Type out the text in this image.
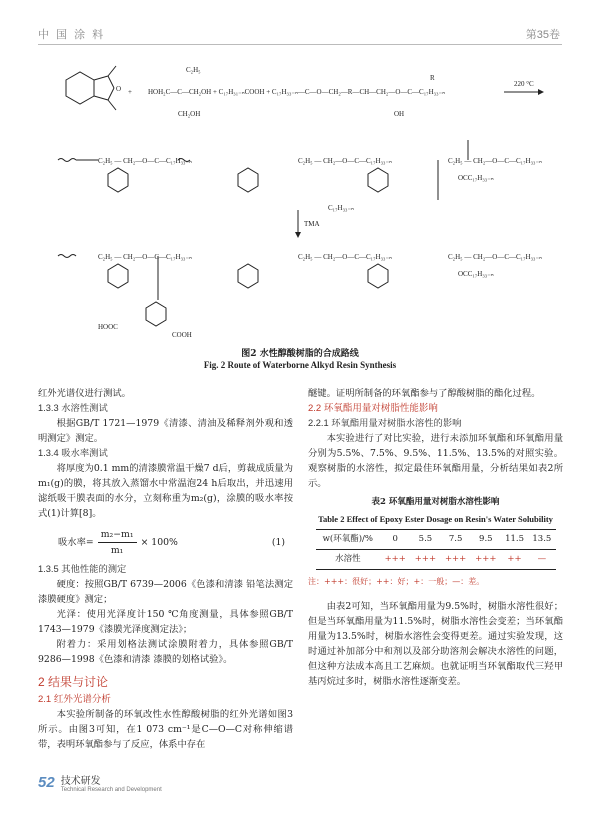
中 国 涂 料	第35卷
O + HOH₂C—C—CH₂OH + C₁₇H₃₁₋ₙCOOH + C₁₇H₃₃₋ₙ—C—O—CH₂—R—CH—CH₂—O—C—C₁₇H₃₃₋ₙ
C₂H₅
CH₂OH	OH
R
220 °C
C₂H₅ — CH₂—O—C—C₁₇H₃₃₋ₙ	C₂H₅ — CH₂—O—C—C₁₇H₃₃₋ₙ	C₂H₅ — CH₂—O—C—C₁₇H₃₃₋ₙ
OCC₁₇H₃₃₋ₙ
C₁₇H₃₃₋ₙ
TMA
C₂H₅ — CH₂—O—C—C₁₇H₃₃₋ₙ	C₂H₅ — CH₂—O—C—C₁₇H₃₃₋ₙ	C₂H₅ — CH₂—O—C—C₁₇H₃₃₋ₙ
OCC₁₇H₃₃₋ₙ
HOOC
COOH
图2 水性醇酸树脂的合成路线
Fig. 2 Route of Waterborne Alkyd Resin Synthesis

红外光谱仪进行测试。

1.3.3 水溶性测试

根据GB/T 1721—1979《清漆、清油及稀释剂外观和透明测定》测定。

1.3.4 吸水率测试

将厚度为0.1 mm的清漆膜常温干燥7 d后，剪裁成质量为m₁(g)的膜，将其放入蒸馏水中常温泡24 h后取出，并迅速用滤纸吸干膜表面的水分，立刻称重为m₂(g)，涂膜的吸水率按式(1)计算[8]。

吸水率= $\frac{\text{m₂−m₁}}{\text{m₁}} \times 100\%$	(1)
1.3.5 其他性能的测定

硬度：按照GB/T 6739—2006《色漆和清漆 铅笔法测定漆膜硬度》测定；

光泽：使用光泽度计150 ℃角度测量，具体参照GB/T 1743—1979《漆膜光泽度测定法》；

附着力：采用划格法测试涂膜附着力，具体参照GB/T 9286—1998《色漆和清漆 漆膜的划格试验》。

2 结果与讨论
2.1 红外光谱分析

本实验所制备的环氧改性水性醇酸树脂的红外光谱如图3所示。由图3可知，在1 073 cm⁻¹是C—O—C对称伸缩谱带，表明环氧酯参与了反应，体系中存在

醚键。证明所制备的环氧酯参与了醇酸树脂的酯化过程。

2.2 环氧酯用量对树脂性能影响
2.2.1 环氧酯用量对树脂水溶性的影响

本实验进行了对比实验，进行未添加环氧酯和环氧酯用量分别为5.5%、7.5%、9.5%、11.5%、13.5%的对照实验。观察树脂的水溶性，拟定最佳环氧酯用量，分析结果如表2所示。

表2 环氧酯用量对树脂水溶性影响
Table 2 Effect of Epoxy Ester Dosage on Resin's Water Solubility
w(环氧酯)/%	0	5.5	7.5	9.5	11.5	13.5
水溶性	+++	+++	+++	+++	++	—
注：+++：很好；++：好；+：一般；—：差。

由表2可知，当环氧酯用量为9.5%时，树脂水溶性很好；但是当环氧酯用量为11.5%时，树脂水溶性会变差；当环氧酯用量为13.5%时，树脂水溶性会变得更差。通过实验发现，这时通过补加部分中和剂以及部分助溶剂会解决水溶性的问题，但这种方法成本高且工艺麻烦。也就证明当环氧酯取代三羟甲基丙烷过多时，树脂水溶性逐渐变差。

52 技术研发
Technical Research and Development
